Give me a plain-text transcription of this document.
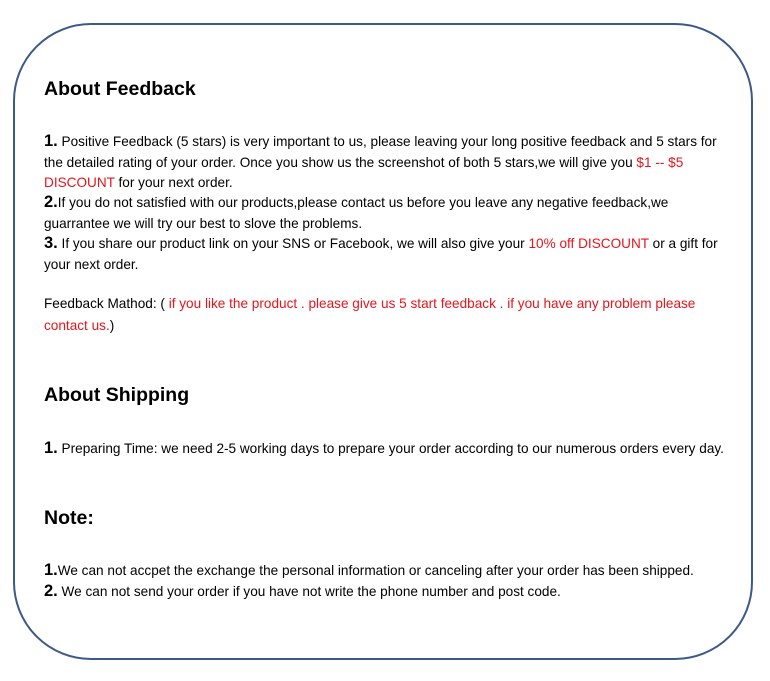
About Feedback

1. Positive Feedback (5 stars) is very important to us, please leaving your long positive feedback and 5 stars for the detailed rating of your order. Once you show us the screenshot of both 5 stars,we will give you $1 -- $5 DISCOUNT for your next order.

2.If you do not satisfied with our products,please contact us before you leave any negative feedback,we guarrantee we will try our best to slove the problems.

3. If you share our product link on your SNS or Facebook, we will also give your 10% off DISCOUNT or a gift for your next order.

Feedback Mathod: ( if you like the product . please give us 5 start feedback . if you have any problem please contact us.)

About Shipping

1. Preparing Time: we need 2-5 working days to prepare your order according to our numerous orders every day.

Note:

1.We can not accpet the exchange the personal information or canceling after your order has been shipped.

2. We can not send your order if you have not write the phone number and post code.
